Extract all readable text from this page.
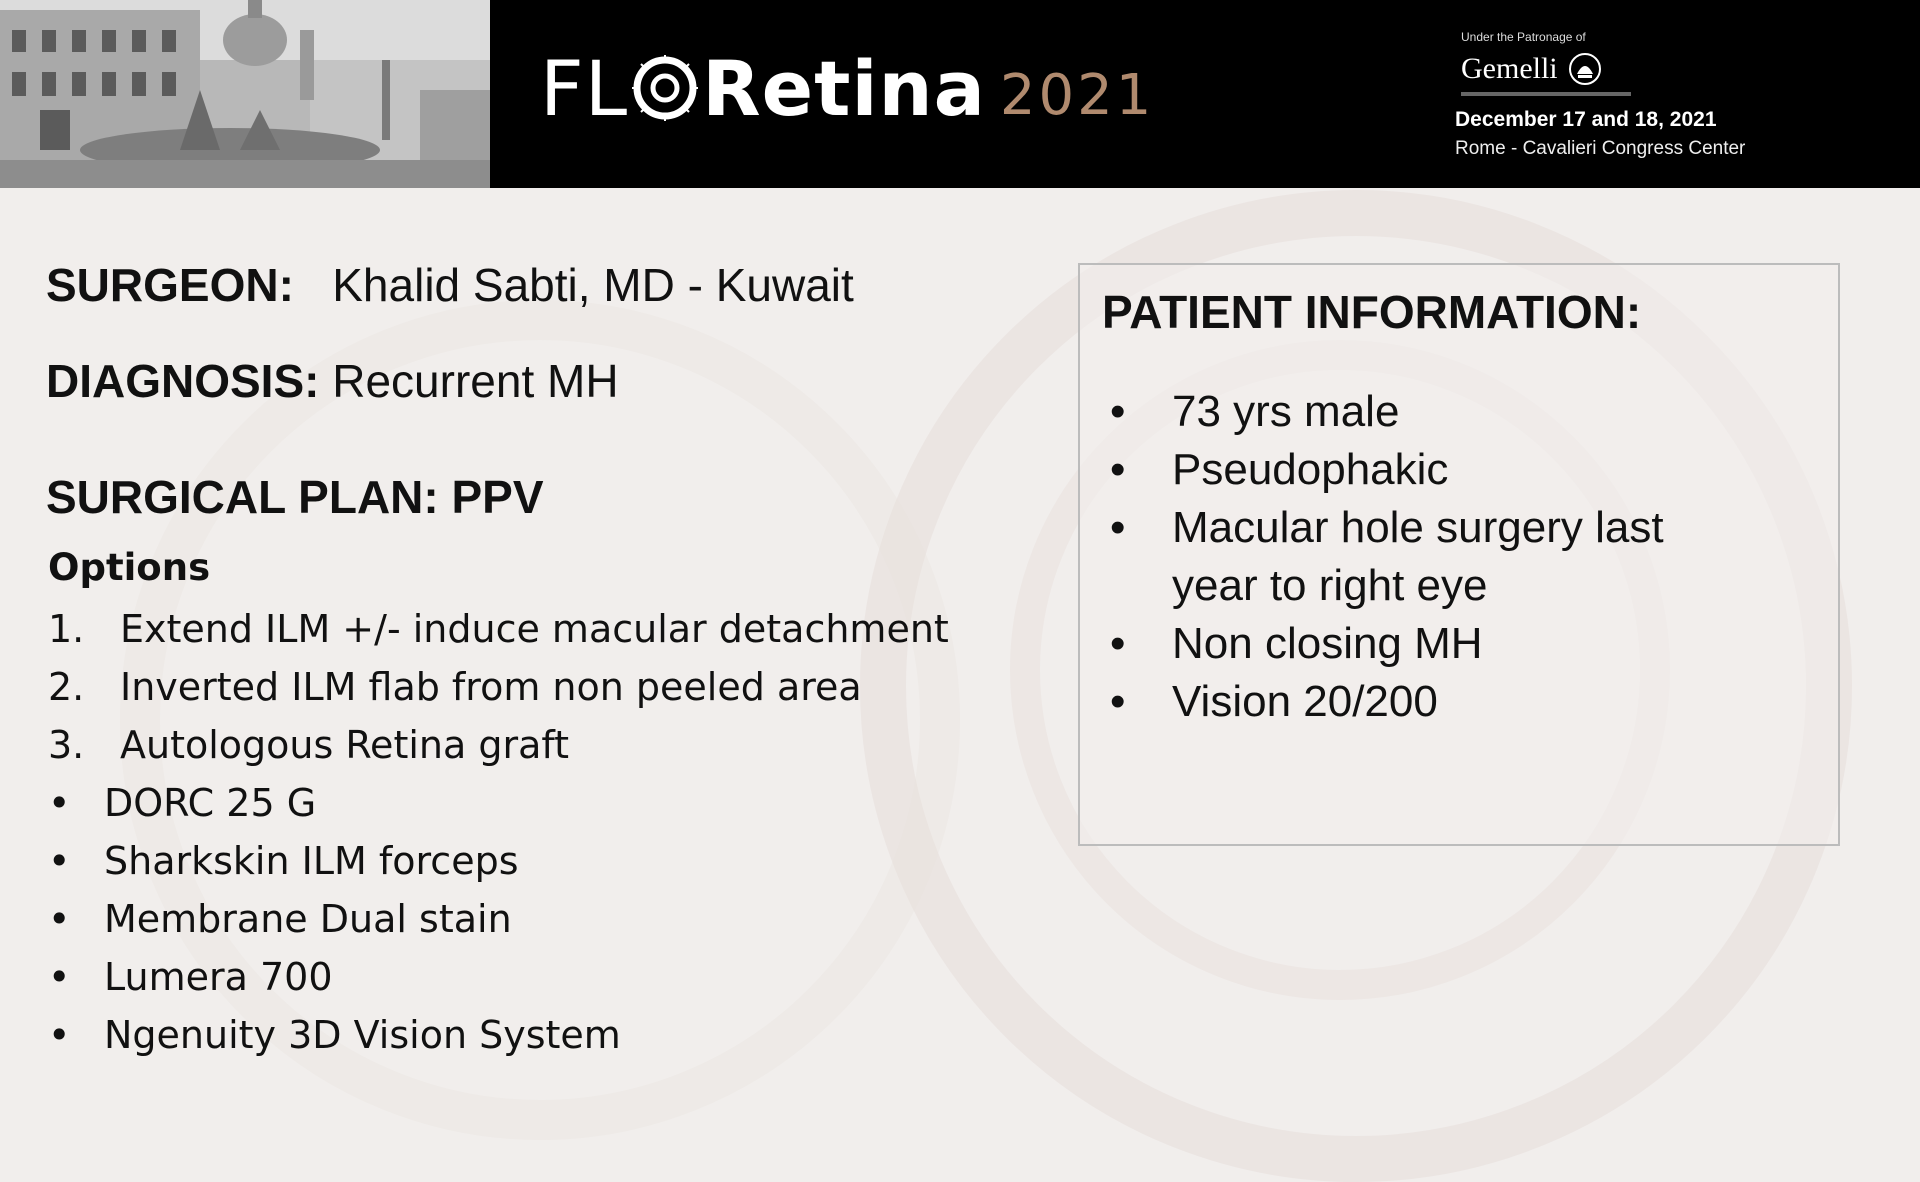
FL Retina 2021
Under the Patronage of
Gemelli
December 17 and 18, 2021
Rome - Cavalieri Congress Center
SURGEON: Khalid Sabti, MD - Kuwait
DIAGNOSIS: Recurrent MH
SURGICAL PLAN: PPV
Options
1. Extend ILM +/- induce macular detachment
2. Inverted ILM flab from non peeled area
3. Autologous Retina graft
• DORC 25 G
• Sharkskin ILM forceps
• Membrane Dual stain
• Lumera 700
• Ngenuity 3D Vision System
PATIENT INFORMATION:
•	73 yrs male
•	Pseudophakic
•	Macular hole surgery last
year to right eye
•	Non closing MH
•	Vision 20/200
